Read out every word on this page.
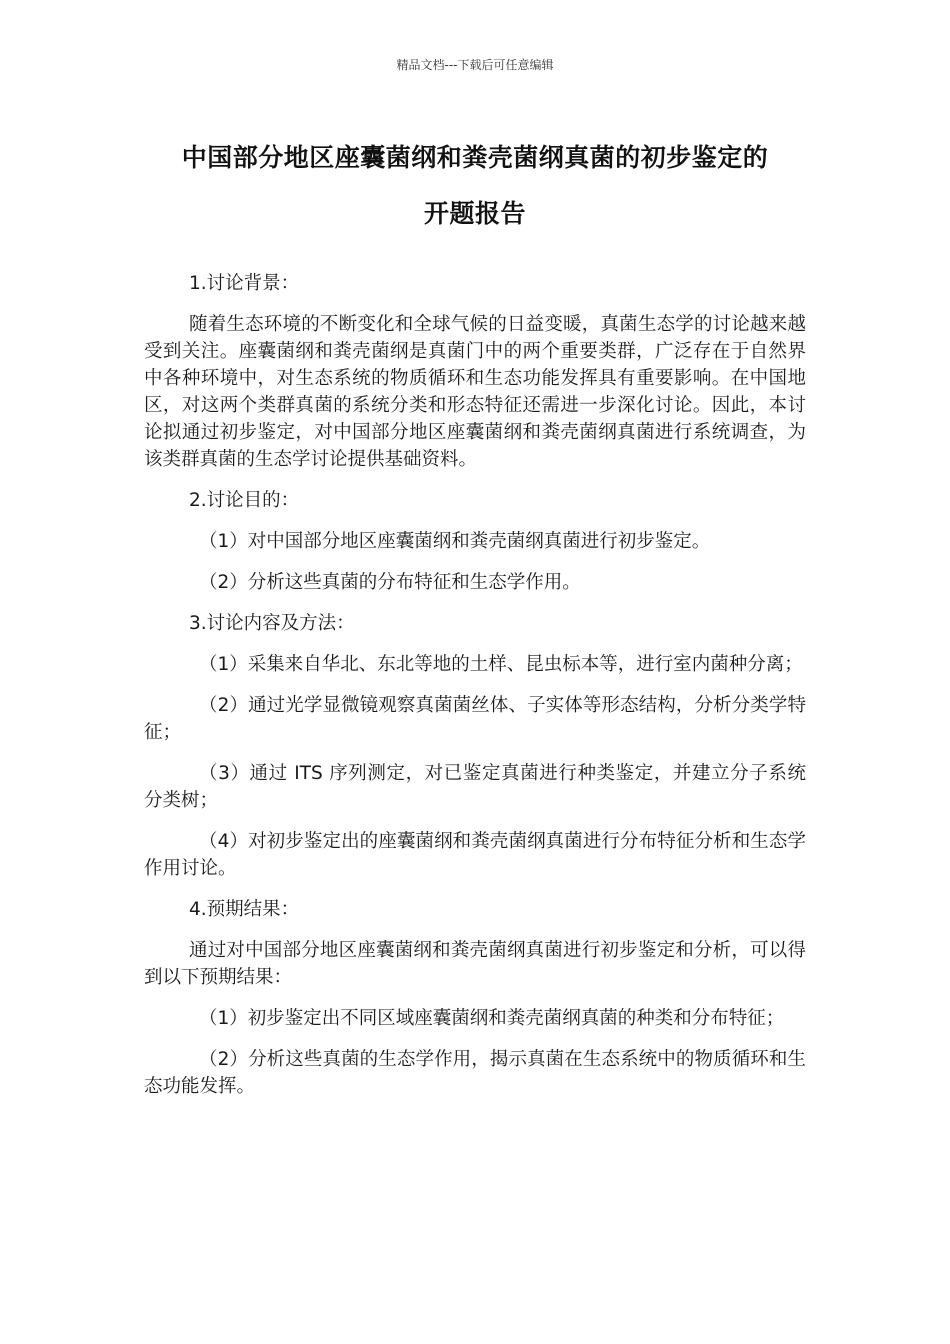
精品文档---下载后可任意编辑
中国部分地区座囊菌纲和粪壳菌纲真菌的初步鉴定的
开题报告

1.讨论背景：

随着生态环境的不断变化和全球气候的日益变暖，真菌生态学的讨论越来越受到关注。座囊菌纲和粪壳菌纲是真菌门中的两个重要类群，广泛存在于自然界中各种环境中，对生态系统的物质循环和生态功能发挥具有重要影响。在中国地区，对这两个类群真菌的系统分类和形态特征还需进一步深化讨论。因此，本讨论拟通过初步鉴定，对中国部分地区座囊菌纲和粪壳菌纲真菌进行系统调查，为该类群真菌的生态学讨论提供基础资料。

2.讨论目的：

（1）对中国部分地区座囊菌纲和粪壳菌纲真菌进行初步鉴定。

（2）分析这些真菌的分布特征和生态学作用。

3.讨论内容及方法：

（1）采集来自华北、东北等地的土样、昆虫标本等，进行室内菌种分离；

（2）通过光学显微镜观察真菌菌丝体、子实体等形态结构，分析分类学特征；

（3）通过 ITS 序列测定，对已鉴定真菌进行种类鉴定，并建立分子系统分类树；

（4）对初步鉴定出的座囊菌纲和粪壳菌纲真菌进行分布特征分析和生态学作用讨论。

4.预期结果：

通过对中国部分地区座囊菌纲和粪壳菌纲真菌进行初步鉴定和分析，可以得到以下预期结果：

（1）初步鉴定出不同区域座囊菌纲和粪壳菌纲真菌的种类和分布特征；

（2）分析这些真菌的生态学作用，揭示真菌在生态系统中的物质循环和生态功能发挥。
